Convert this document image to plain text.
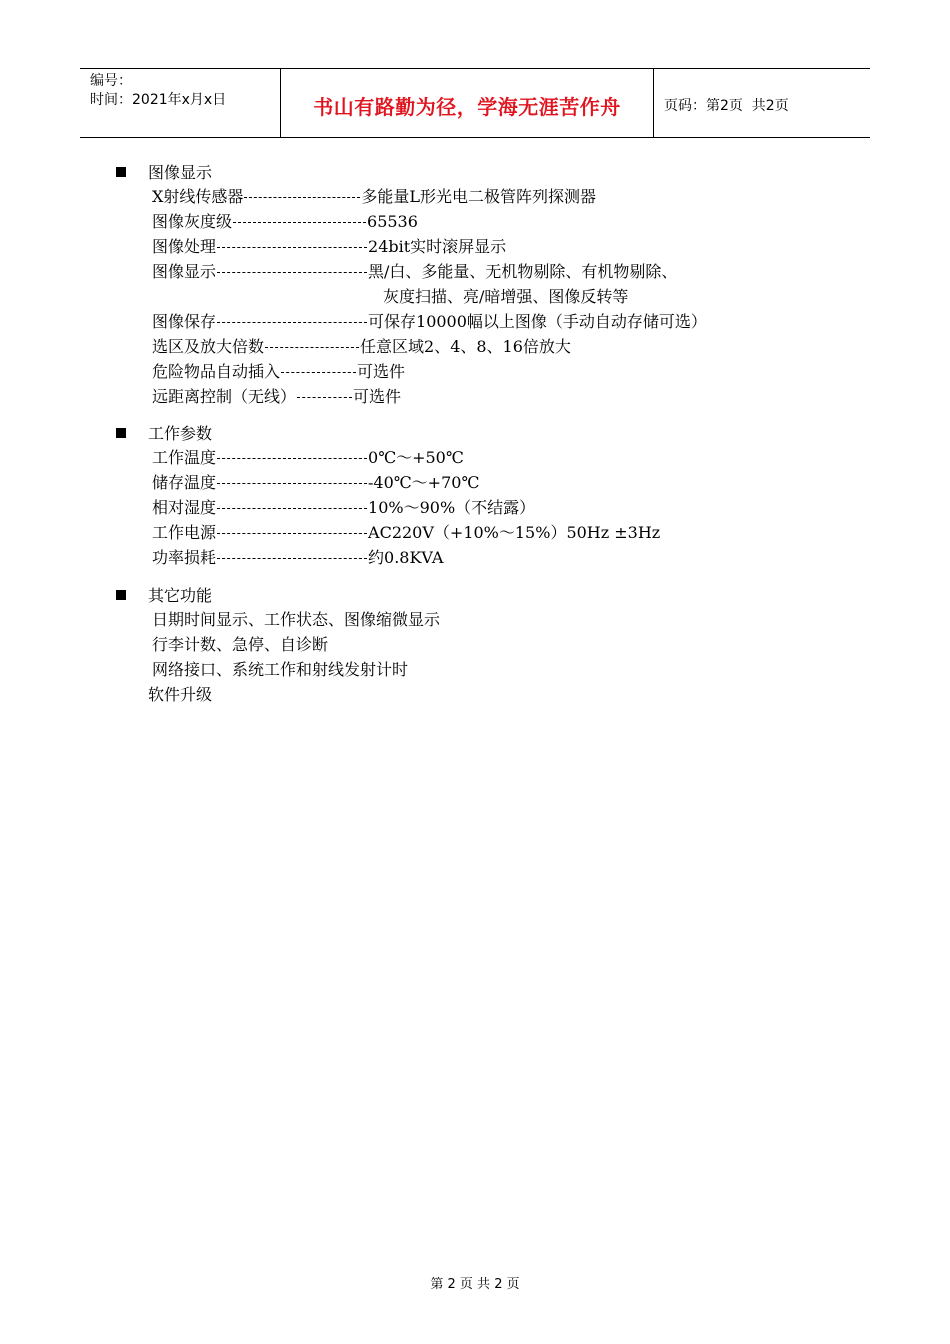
编号：
时间：2021年x月x日	书山有路勤为径，学海无涯苦作舟	页码：第2页  共2页
图像显示
X射线传感器	多能量L形光电二极管阵列探测器
图像灰度级	65536
图像处理	24bit实时滚屏显示
图像显示	黑/白、多能量、无机物剔除、有机物剔除、
灰度扫描、亮/暗增强、图像反转等
图像保存	可保存10000幅以上图像（手动自动存储可选）
选区及放大倍数	任意区域2、4、8、16倍放大
危险物品自动插入	可选件
远距离控制（无线）	可选件
工作参数
工作温度	0℃～+50℃
储存温度	-40℃～+70℃
相对湿度	10%～90%（不结露）
工作电源	AC220V（+10%～15%）50Hz ±3Hz
功率损耗	约0.8KVA
其它功能
日期时间显示、工作状态、图像缩微显示
行李计数、急停、自诊断
网络接口、系统工作和射线发射计时
软件升级
第 2 页 共 2 页
